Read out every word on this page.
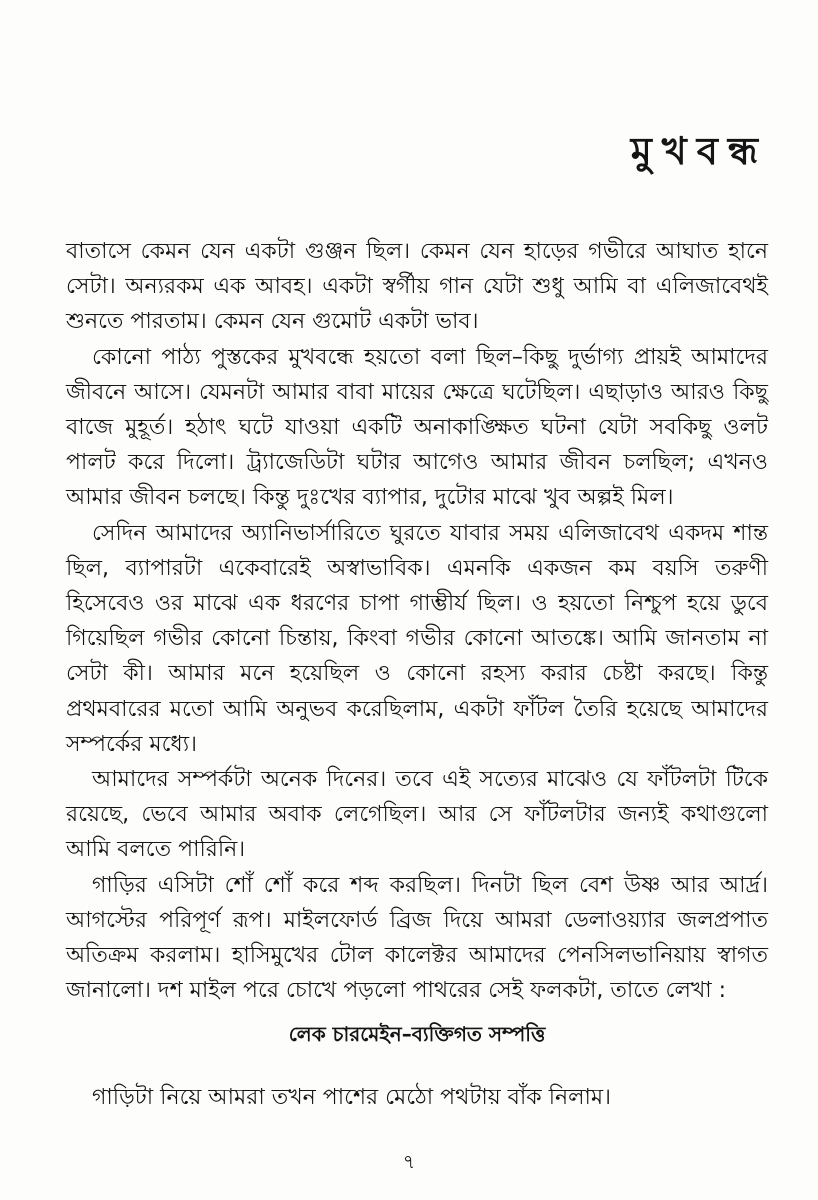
মুখবন্ধ

বাতাসে কেমন যেন একটা গুঞ্জন ছিল। কেমন যেন হাড়ের গভীরে আঘাত হানে সেটা। অন্যরকম এক আবহ। একটা স্বর্গীয় গান যেটা শুধু আমি বা এলিজাবেথই শুনতে পারতাম। কেমন যেন গুমোট একটা ভাব।

কোনো পাঠ্য পুস্তকের মুখবন্ধে হয়তো বলা ছিল–কিছু দুর্ভাগ্য প্রায়ই আমাদের জীবনে আসে। যেমনটা আমার বাবা মায়ের ক্ষেত্রে ঘটেছিল। এছাড়াও আরও কিছু বাজে মুহূর্ত। হঠাৎ ঘটে যাওয়া একটি অনাকাঙ্ক্ষিত ঘটনা যেটা সবকিছু ওলট পালট করে দিলো। ট্র্যাজেডিটা ঘটার আগেও আমার জীবন চলছিল; এখনও আমার জীবন চলছে। কিন্তু দুঃখের ব্যাপার, দুটোর মাঝে খুব অল্পই মিল।

সেদিন আমাদের অ্যানিভার্সারিতে ঘুরতে যাবার সময় এলিজাবেথ একদম শান্ত ছিল, ব্যাপারটা একেবারেই অস্বাভাবিক। এমনকি একজন কম বয়সি তরুণী হিসেবেও ওর মাঝে এক ধরণের চাপা গাম্ভীর্য ছিল। ও হয়তো নিশ্চুপ হয়ে ডুবে গিয়েছিল গভীর কোনো চিন্তায়, কিংবা গভীর কোনো আতঙ্কে। আমি জানতাম না সেটা কী। আমার মনে হয়েছিল ও কোনো রহস্য করার চেষ্টা করছে। কিন্তু প্রথমবারের মতো আমি অনুভব করেছিলাম, একটা ফাঁটল তৈরি হয়েছে আমাদের সম্পর্কের মধ্যে।

আমাদের সম্পর্কটা অনেক দিনের। তবে এই সত্যের মাঝেও যে ফাঁটলটা টিকে রয়েছে, ভেবে আমার অবাক লেগেছিল। আর সে ফাঁটলটার জন্যই কথাগুলো আমি বলতে পারিনি।

গাড়ির এসিটা শোঁ শোঁ করে শব্দ করছিল। দিনটা ছিল বেশ উষ্ণ আর আর্দ্র। আগস্টের পরিপূর্ণ রূপ। মাইলফোর্ড ব্রিজ দিয়ে আমরা ডেলাওয়্যার জলপ্রপাত অতিক্রম করলাম। হাসিমুখের টোল কালেক্টর আমাদের পেনসিলভানিয়ায় স্বাগত জানালো। দশ মাইল পরে চোখে পড়লো পাথরের সেই ফলকটা, তাতে লেখা :

লেক চারমেইন–ব্যক্তিগত সম্পত্তি

গাড়িটা নিয়ে আমরা তখন পাশের মেঠো পথটায় বাঁক নিলাম।

৭
